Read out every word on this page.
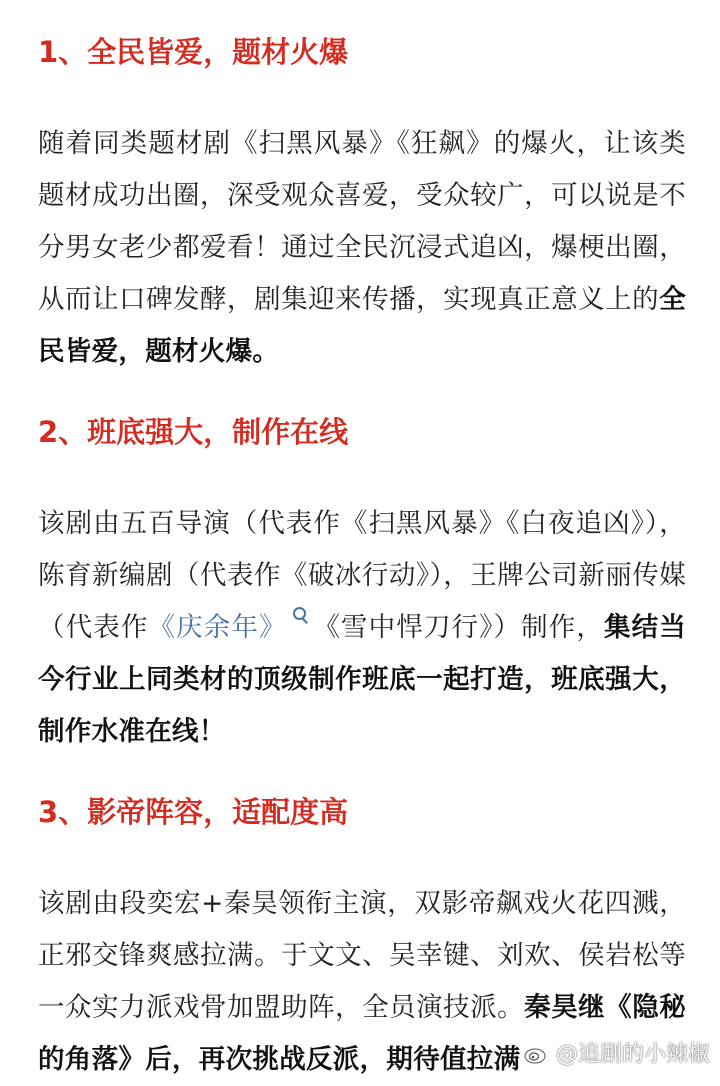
1、全民皆爱，题材火爆
随着同类题材剧《扫黑风暴》《狂飙》的爆火，让该类题材成功出圈，深受观众喜爱，受众较广，可以说是不分男女老少都爱看！通过全民沉浸式追凶，爆梗出圈，从而让口碑发酵，剧集迎来传播，实现真正意义上的全民皆爱，题材火爆。
2、班底强大，制作在线
该剧由五百导演（代表作《扫黑风暴》《白夜追凶》），陈育新编剧（代表作《破冰行动》），王牌公司新丽传媒（代表作《庆余年》 《雪中悍刀行》）制作，集结当今行业上同类材的顶级制作班底一起打造，班底强大，制作水准在线！
3、影帝阵容，适配度高
该剧由段奕宏+秦昊领衔主演，双影帝飙戏火花四溅，正邪交锋爽感拉满。于文文、吴幸键、刘欢、侯岩松等一众实力派戏骨加盟助阵，全员演技派。秦昊继《隐秘的角落》后，再次挑战反派，期待值拉满	@追剧的小辣椒
